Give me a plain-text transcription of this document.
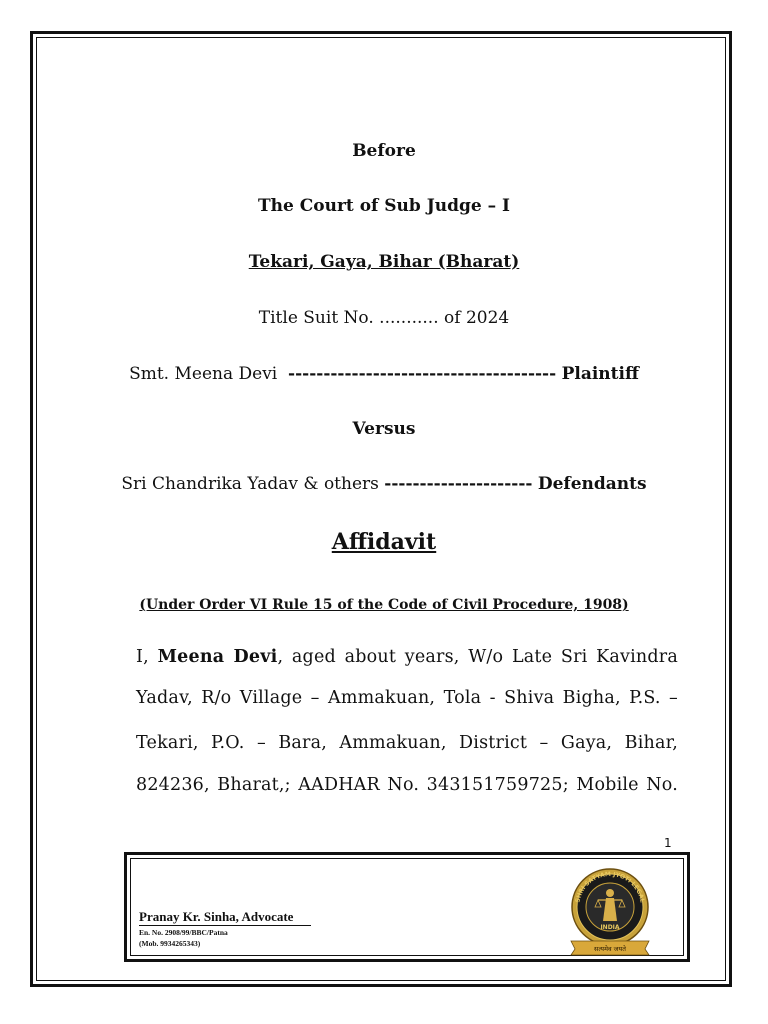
Before
The Court of Sub Judge – I
Tekari, Gaya, Bihar (Bharat)
Title Suit No. ........... of 2024
Smt. Meena Devi -------------------------------------- Plaintiff
Versus
Sri Chandrika Yadav & others --------------------- Defendants
Affidavit
(Under Order VI Rule 15 of the Code of Civil Procedure, 1908)
I, Meena Devi, aged about years, W/o Late Sri Kavindra
Yadav, R/o Village – Ammakuan, Tola - Shiva Bigha, P.S. –
Tekari, P.O. – Bara, Ammakuan, District – Gaya, Bihar,
824236, Bharat,; AADHAR No. 343151759725; Mobile No.
1
Pranay Kr. Sinha, Advocate
En. No. 2908/99/BBC/Patna
(Mob. 9934265343)
SHRI SATYAM JYOTI LEGAL
INDIA
सत्यमेव जयते
